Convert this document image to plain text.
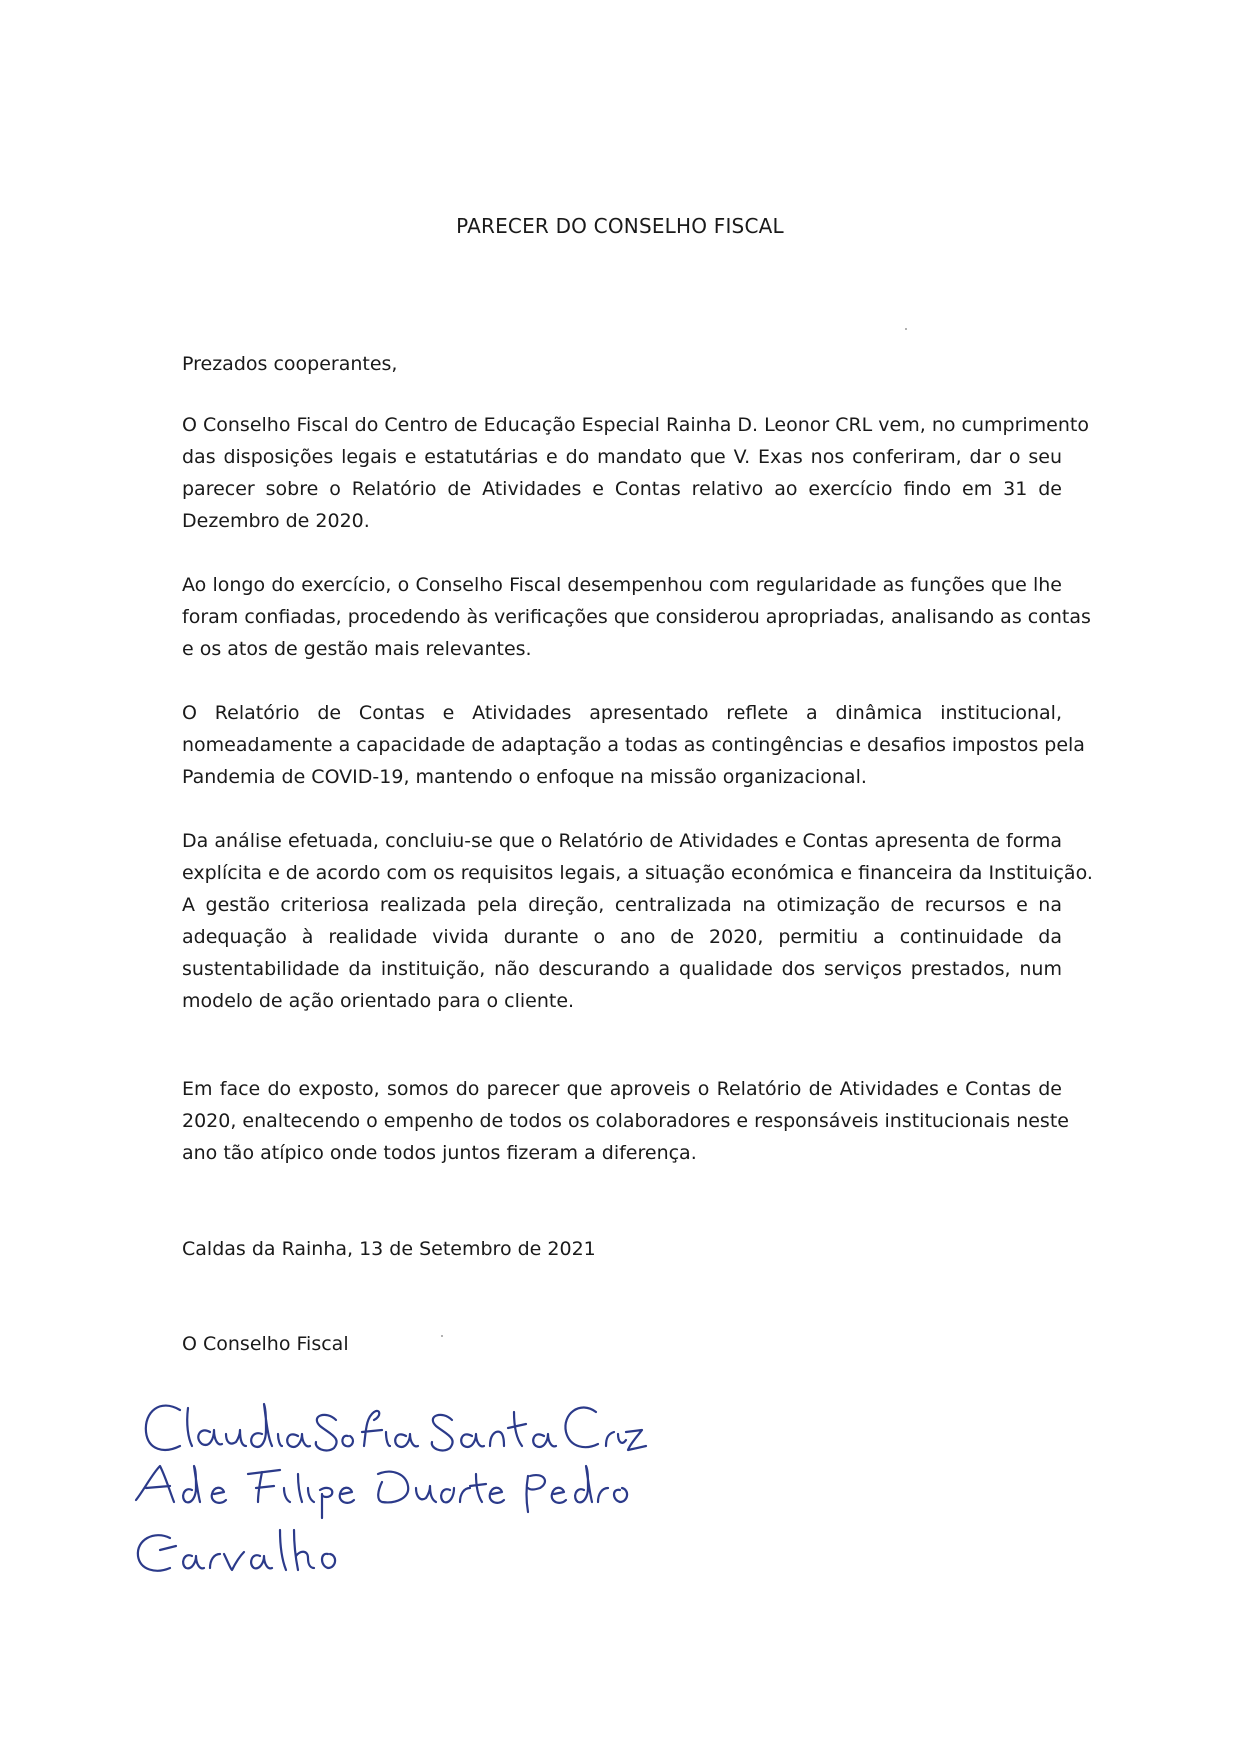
PARECER DO CONSELHO FISCAL
Prezados cooperantes,
O Conselho Fiscal do Centro de Educação Especial Rainha D. Leonor CRL vem, no cumprimento
das disposições legais e estatutárias e do mandato que V. Exas nos conferiram, dar o seu
parecer sobre o Relatório de Atividades e Contas relativo ao exercício findo em 31 de
Dezembro de 2020.
Ao longo do exercício, o Conselho Fiscal desempenhou com regularidade as funções que lhe
foram confiadas, procedendo às verificações que considerou apropriadas, analisando as contas
e os atos de gestão mais relevantes.
O Relatório de Contas e Atividades apresentado reflete a dinâmica institucional,
nomeadamente a capacidade de adaptação a todas as contingências e desafios impostos pela
Pandemia de COVID-19, mantendo o enfoque na missão organizacional.
Da análise efetuada, concluiu-se que o Relatório de Atividades e Contas apresenta de forma
explícita e de acordo com os requisitos legais, a situação económica e financeira da Instituição.
A gestão criteriosa realizada pela direção, centralizada na otimização de recursos e na
adequação à realidade vivida durante o ano de 2020, permitiu a continuidade da
sustentabilidade da instituição, não descurando a qualidade dos serviços prestados, num
modelo de ação orientado para o cliente.
Em face do exposto, somos do parecer que aproveis o Relatório de Atividades e Contas de
2020, enaltecendo o empenho de todos os colaboradores e responsáveis institucionais neste
ano tão atípico onde todos juntos fizeram a diferença.
Caldas da Rainha, 13 de Setembro de 2021
O Conselho Fiscal
